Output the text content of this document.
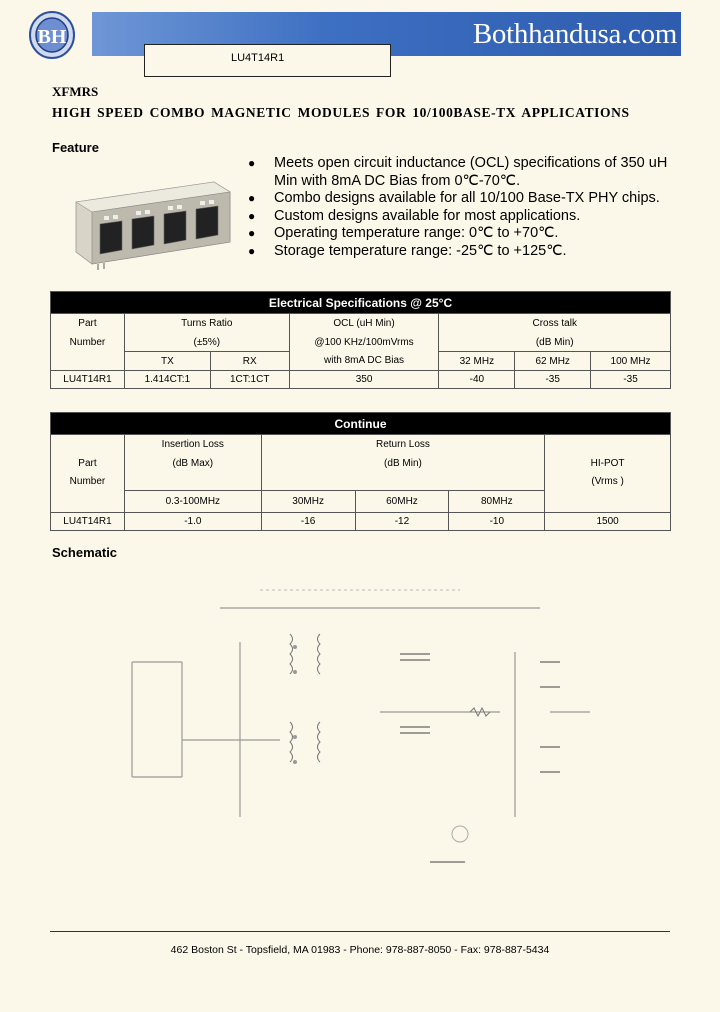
BH	Bothhandusa.com
LU4T14R1
XFMRS
HIGH SPEED COMBO MAGNETIC MODULES FOR 10/100BASE-TX APPLICATIONS
Feature
● Meets open circuit inductance (OCL) specifications of 350 uH Min with 8mA DC Bias from 0℃-70℃.
● Combo designs available for all 10/100 Base-TX PHY chips.
● Custom designs available for most applications.
● Operating temperature range: 0℃ to +70℃.
● Storage temperature range: -25℃ to +125℃.
Electrical Specifications @ 25°C						
Part	Turns Ratio		OCL (uH Min)	Cross talk		
Number	(±5%)		@100 KHz/100mVrms	(dB Min)		
	TX	RX	with 8mA DC Bias	32 MHz	62 MHz	100 MHz
LU4T14R1	1.414CT:1	1CT:1CT	350	-40	-35	-35
Continue					
	Insertion Loss	Return Loss			
Part	(dB Max)	(dB Min)			HI-POT
Number					(Vrms )
	0.3-100MHz	30MHz	60MHz	80MHz	
LU4T14R1	-1.0	-16	-12	-10	1500
Schematic
462 Boston St - Topsfield, MA 01983 - Phone: 978-887-8050 - Fax: 978-887-5434
